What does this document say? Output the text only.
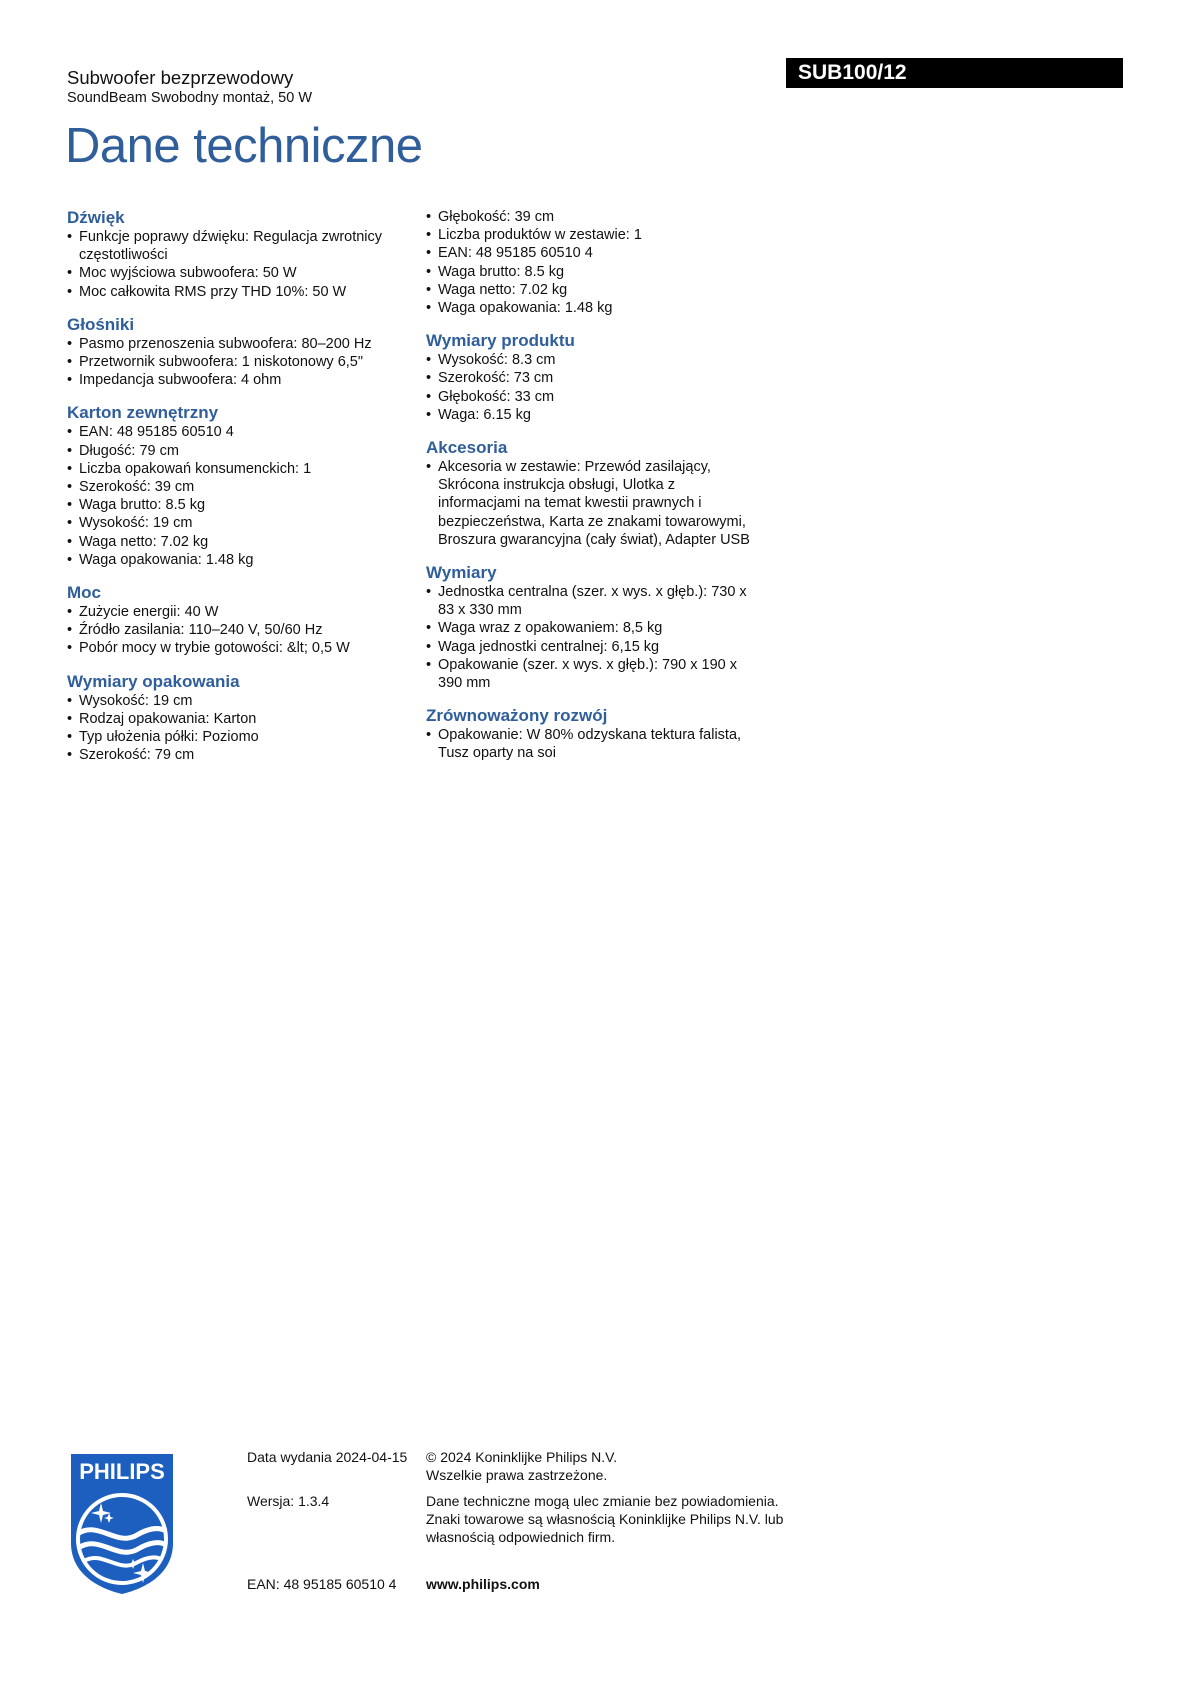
Subwoofer bezprzewodowy
SoundBeam Swobodny montaż, 50 W
SUB100/12
Dane techniczne
Dźwięk
• Funkcje poprawy dźwięku: Regulacja zwrotnicy częstotliwości
• Moc wyjściowa subwoofera: 50 W
• Moc całkowita RMS przy THD 10%: 50 W
Głośniki
• Pasmo przenoszenia subwoofera: 80–200 Hz
• Przetwornik subwoofera: 1 niskotonowy 6,5"
• Impedancja subwoofera: 4 ohm
Karton zewnętrzny
• EAN: 48 95185 60510 4
• Długość: 79 cm
• Liczba opakowań konsumenckich: 1
• Szerokość: 39 cm
• Waga brutto: 8.5 kg
• Wysokość: 19 cm
• Waga netto: 7.02 kg
• Waga opakowania: 1.48 kg
Moc
• Zużycie energii: 40 W
• Źródło zasilania: 110–240 V, 50/60 Hz
• Pobór mocy w trybie gotowości: &lt; 0,5 W
Wymiary opakowania
• Wysokość: 19 cm
• Rodzaj opakowania: Karton
• Typ ułożenia półki: Poziomo
• Szerokość: 79 cm
• Głębokość: 39 cm
• Liczba produktów w zestawie: 1
• EAN: 48 95185 60510 4
• Waga brutto: 8.5 kg
• Waga netto: 7.02 kg
• Waga opakowania: 1.48 kg
Wymiary produktu
• Wysokość: 8.3 cm
• Szerokość: 73 cm
• Głębokość: 33 cm
• Waga: 6.15 kg
Akcesoria
• Akcesoria w zestawie: Przewód zasilający, Skrócona instrukcja obsługi, Ulotka z informacjami na temat kwestii prawnych i bezpieczeństwa, Karta ze znakami towarowymi, Broszura gwarancyjna (cały świat), Adapter USB
Wymiary
• Jednostka centralna (szer. x wys. x głęb.): 730 x 83 x 330 mm
• Waga wraz z opakowaniem: 8,5 kg
• Waga jednostki centralnej: 6,15 kg
• Opakowanie (szer. x wys. x głęb.): 790 x 190 x 390 mm
Zrównoważony rozwój
• Opakowanie: W 80% odzyskana tektura falista, Tusz oparty na soi
PHILIPS
Data wydania 2024-04-15
Wersja: 1.3.4
EAN: 48 95185 60510 4
© 2024 Koninklijke Philips N.V.
Wszelkie prawa zastrzeżone.
Dane techniczne mogą ulec zmianie bez powiadomienia. Znaki towarowe są własnością Koninklijke Philips N.V. lub własnością odpowiednich firm.
www.philips.com
